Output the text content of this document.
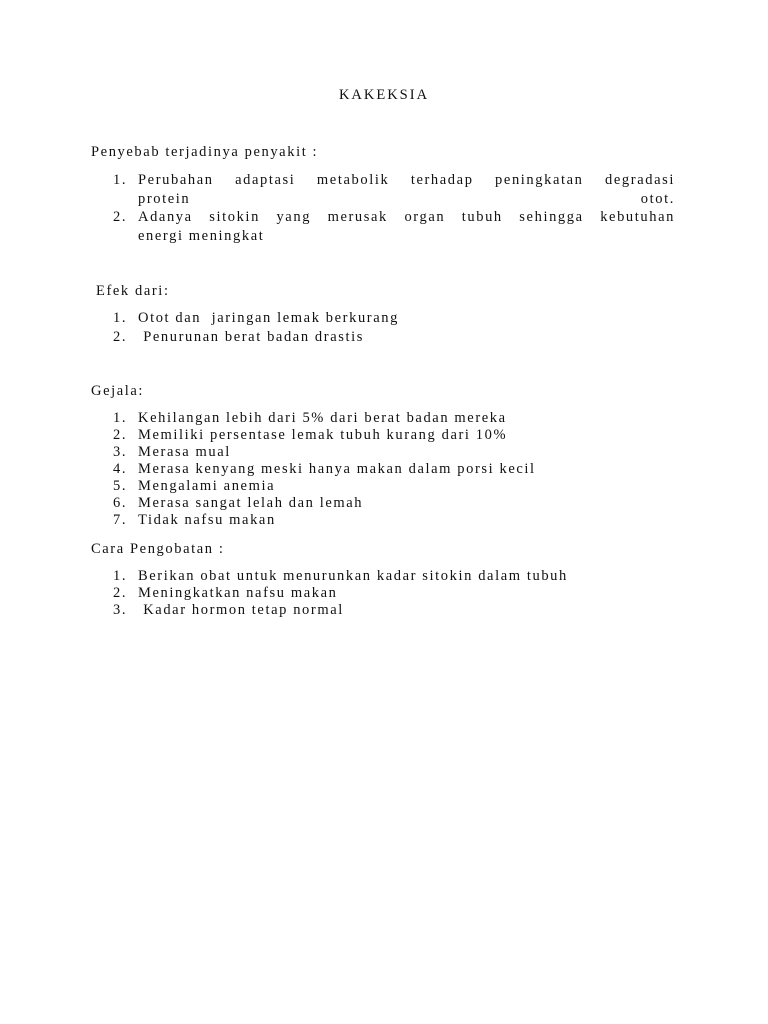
KAKEKSIA
Penyebab terjadinya penyakit :
1. Perubahan adaptasi metabolik terhadap peningkatan degradasi
protein otot.
2. Adanya sitokin yang merusak organ tubuh sehingga kebutuhan
energi meningkat
Efek dari:
1. Otot dan  jaringan lemak berkurang
2. Penurunan berat badan drastis
Gejala:
1. Kehilangan lebih dari 5% dari berat badan mereka
2. Memiliki persentase lemak tubuh kurang dari 10%
3. Merasa mual
4. Merasa kenyang meski hanya makan dalam porsi kecil
5. Mengalami anemia
6. Merasa sangat lelah dan lemah
7. Tidak nafsu makan
Cara Pengobatan :
1. Berikan obat untuk menurunkan kadar sitokin dalam tubuh
2. Meningkatkan nafsu makan
3. Kadar hormon tetap normal
